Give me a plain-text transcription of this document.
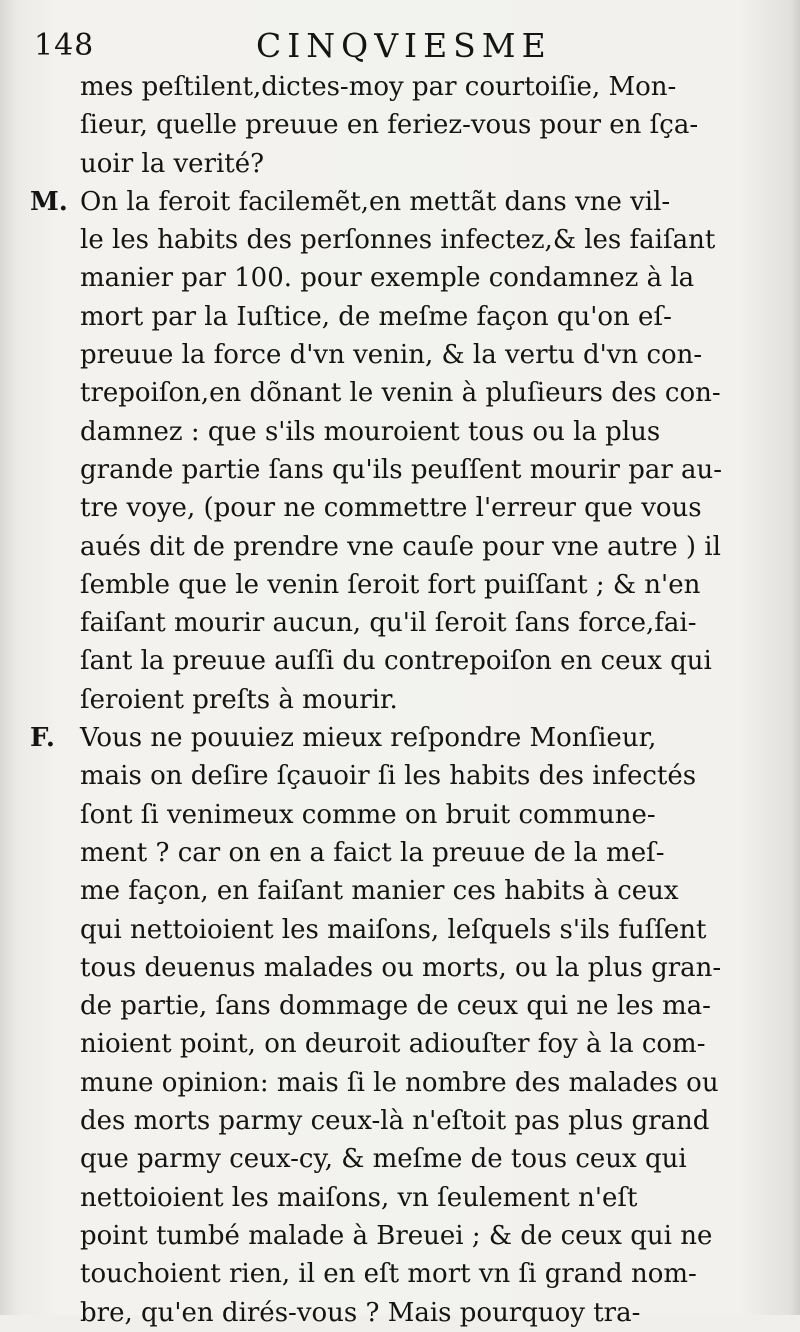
148	CINQVIESME
mes peſtilent,dictes-moy par courtoiſie, Mon-
ſieur, quelle preuue en feriez-vous pour en ſça-
uoir la verité?
M. On la feroit facilemẽt,en mettãt dans vne vil-
le les habits des perſonnes infectez,& les faiſant
manier par 100. pour exemple condamnez à la
mort par la Iuſtice, de meſme façon qu'on eſ-
preuue la force d'vn venin, & la vertu d'vn con-
trepoiſon,en dõnant le venin à pluſieurs des con-
damnez : que s'ils mouroient tous ou la plus
grande partie ſans qu'ils peuſſent mourir par au-
tre voye, (pour ne commettre l'erreur que vous
aués dit de prendre vne cauſe pour vne autre ) il
ſemble que le venin ſeroit fort puiſſant ; & n'en
faiſant mourir aucun, qu'il ſeroit ſans force,fai-
ſant la preuue auſſi du contrepoiſon en ceux qui
ſeroient preſts à mourir.
F. Vous ne pouuiez mieux reſpondre Monſieur,
mais on deſire ſçauoir ſi les habits des infectés
ſont ſi venimeux comme on bruit commune-
ment ? car on en a faict la preuue de la meſ-
me façon, en faiſant manier ces habits à ceux
qui nettoioient les maiſons, leſquels s'ils fuſſent
tous deuenus malades ou morts, ou la plus gran-
de partie, ſans dommage de ceux qui ne les ma-
nioient point, on deuroit adiouſter foy à la com-
mune opinion: mais ſi le nombre des malades ou
des morts parmy ceux-là n'eſtoit pas plus grand
que parmy ceux-cy, & meſme de tous ceux qui
nettoioient les maiſons, vn ſeulement n'eſt
point tumbé malade à Breuei ; & de ceux qui ne
touchoient rien, il en eſt mort vn ſi grand nom-
bre, qu'en dirés-vous ? Mais pourquoy tra-
